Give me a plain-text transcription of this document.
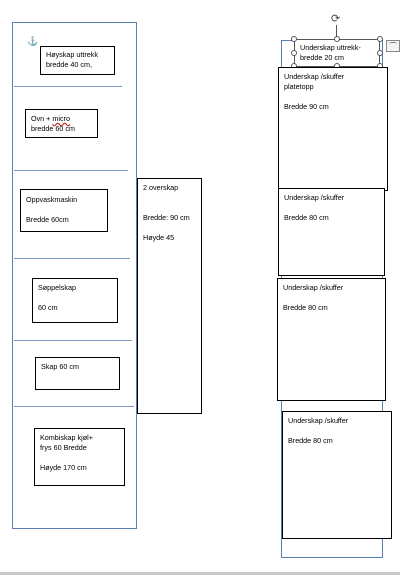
⚓
Høyskap uttrekk
bredde 40 cm,
Ovn + micro
bredde 60 cm
Oppvaskmaskin

Bredde 60cm
Søppelskap

60 cm
Skap 60 cm
Kombiskap kjøl+
frys 60 Bredde

Høyde 170 cm
2 overskap

Bredde: 90 cm

Høyde 45
⟳
Underskap uttrekk-
bredde 20 cm
⌒
Underskap /skuffer
platetopp

Bredde 90 cm
Underskap /skuffer

Bredde 80 cm
Underskap /skuffer

Bredde 80 cm
Underskap /skuffer

Bredde 80 cm
